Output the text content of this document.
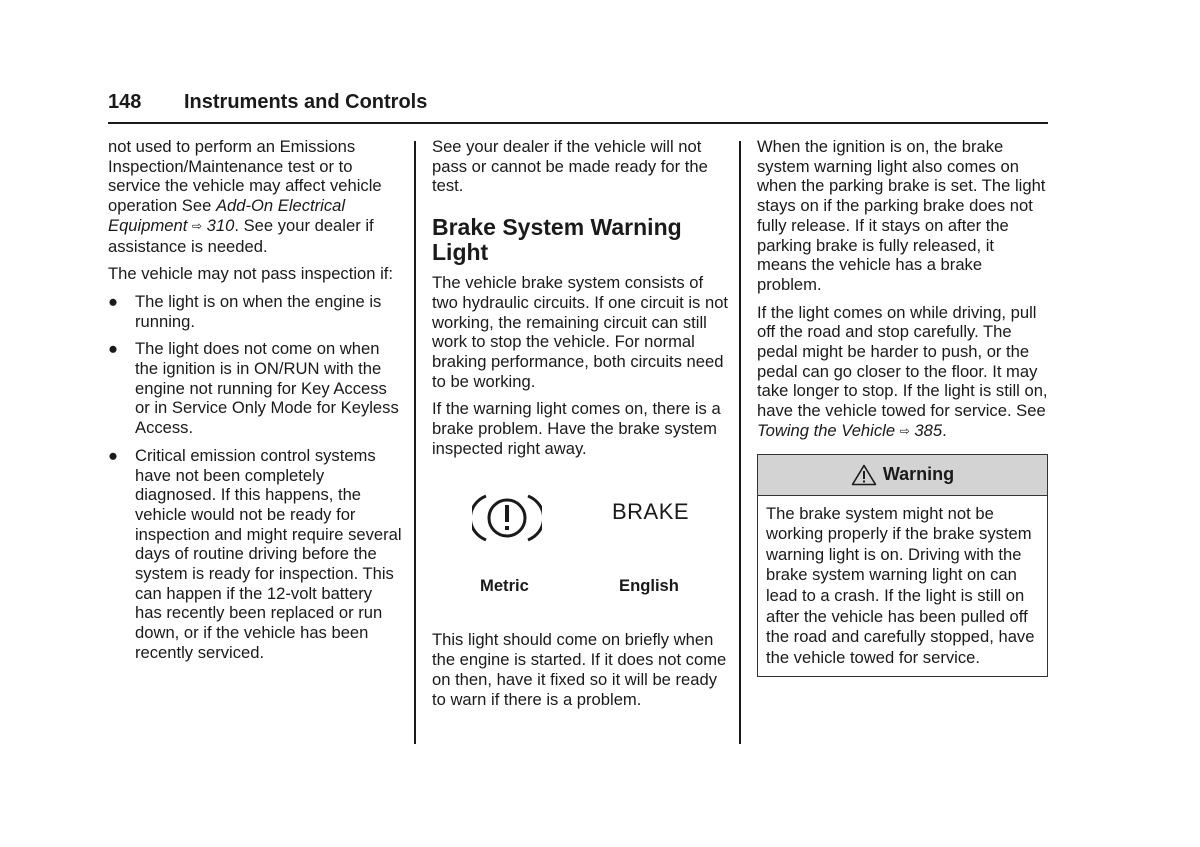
148 Instruments and Controls

not used to perform an Emissions Inspection/Maintenance test or to service the vehicle may affect vehicle operation See Add-On Electrical Equipment ⇨ 310. See your dealer if assistance is needed.

The vehicle may not pass inspection if:

● The light is on when the engine is running.
● The light does not come on when the ignition is in ON/RUN with the engine not running for Key Access or in Service Only Mode for Keyless Access.
● Critical emission control systems have not been completely diagnosed. If this happens, the vehicle would not be ready for inspection and might require several days of routine driving before the system is ready for inspection. This can happen if the 12-volt battery has recently been replaced or run down, or if the vehicle has been recently serviced.

See your dealer if the vehicle will not pass or cannot be made ready for the test.

Brake System Warning Light

The vehicle brake system consists of two hydraulic circuits. If one circuit is not working, the remaining circuit can still work to stop the vehicle. For normal braking performance, both circuits need to be working.

If the warning light comes on, there is a brake problem. Have the brake system inspected right away.

BRAKE
Metric	English

This light should come on briefly when the engine is started. If it does not come on then, have it fixed so it will be ready to warn if there is a problem.

When the ignition is on, the brake system warning light also comes on when the parking brake is set. The light stays on if the parking brake does not fully release. If it stays on after the parking brake is fully released, it means the vehicle has a brake problem.

If the light comes on while driving, pull off the road and stop carefully. The pedal might be harder to push, or the pedal can go closer to the floor. It may take longer to stop. If the light is still on, have the vehicle towed for service. See Towing the Vehicle ⇨ 385.

Warning
The brake system might not be working properly if the brake system warning light is on. Driving with the brake system warning light on can lead to a crash. If the light is still on after the vehicle has been pulled off the road and carefully stopped, have the vehicle towed for service.
